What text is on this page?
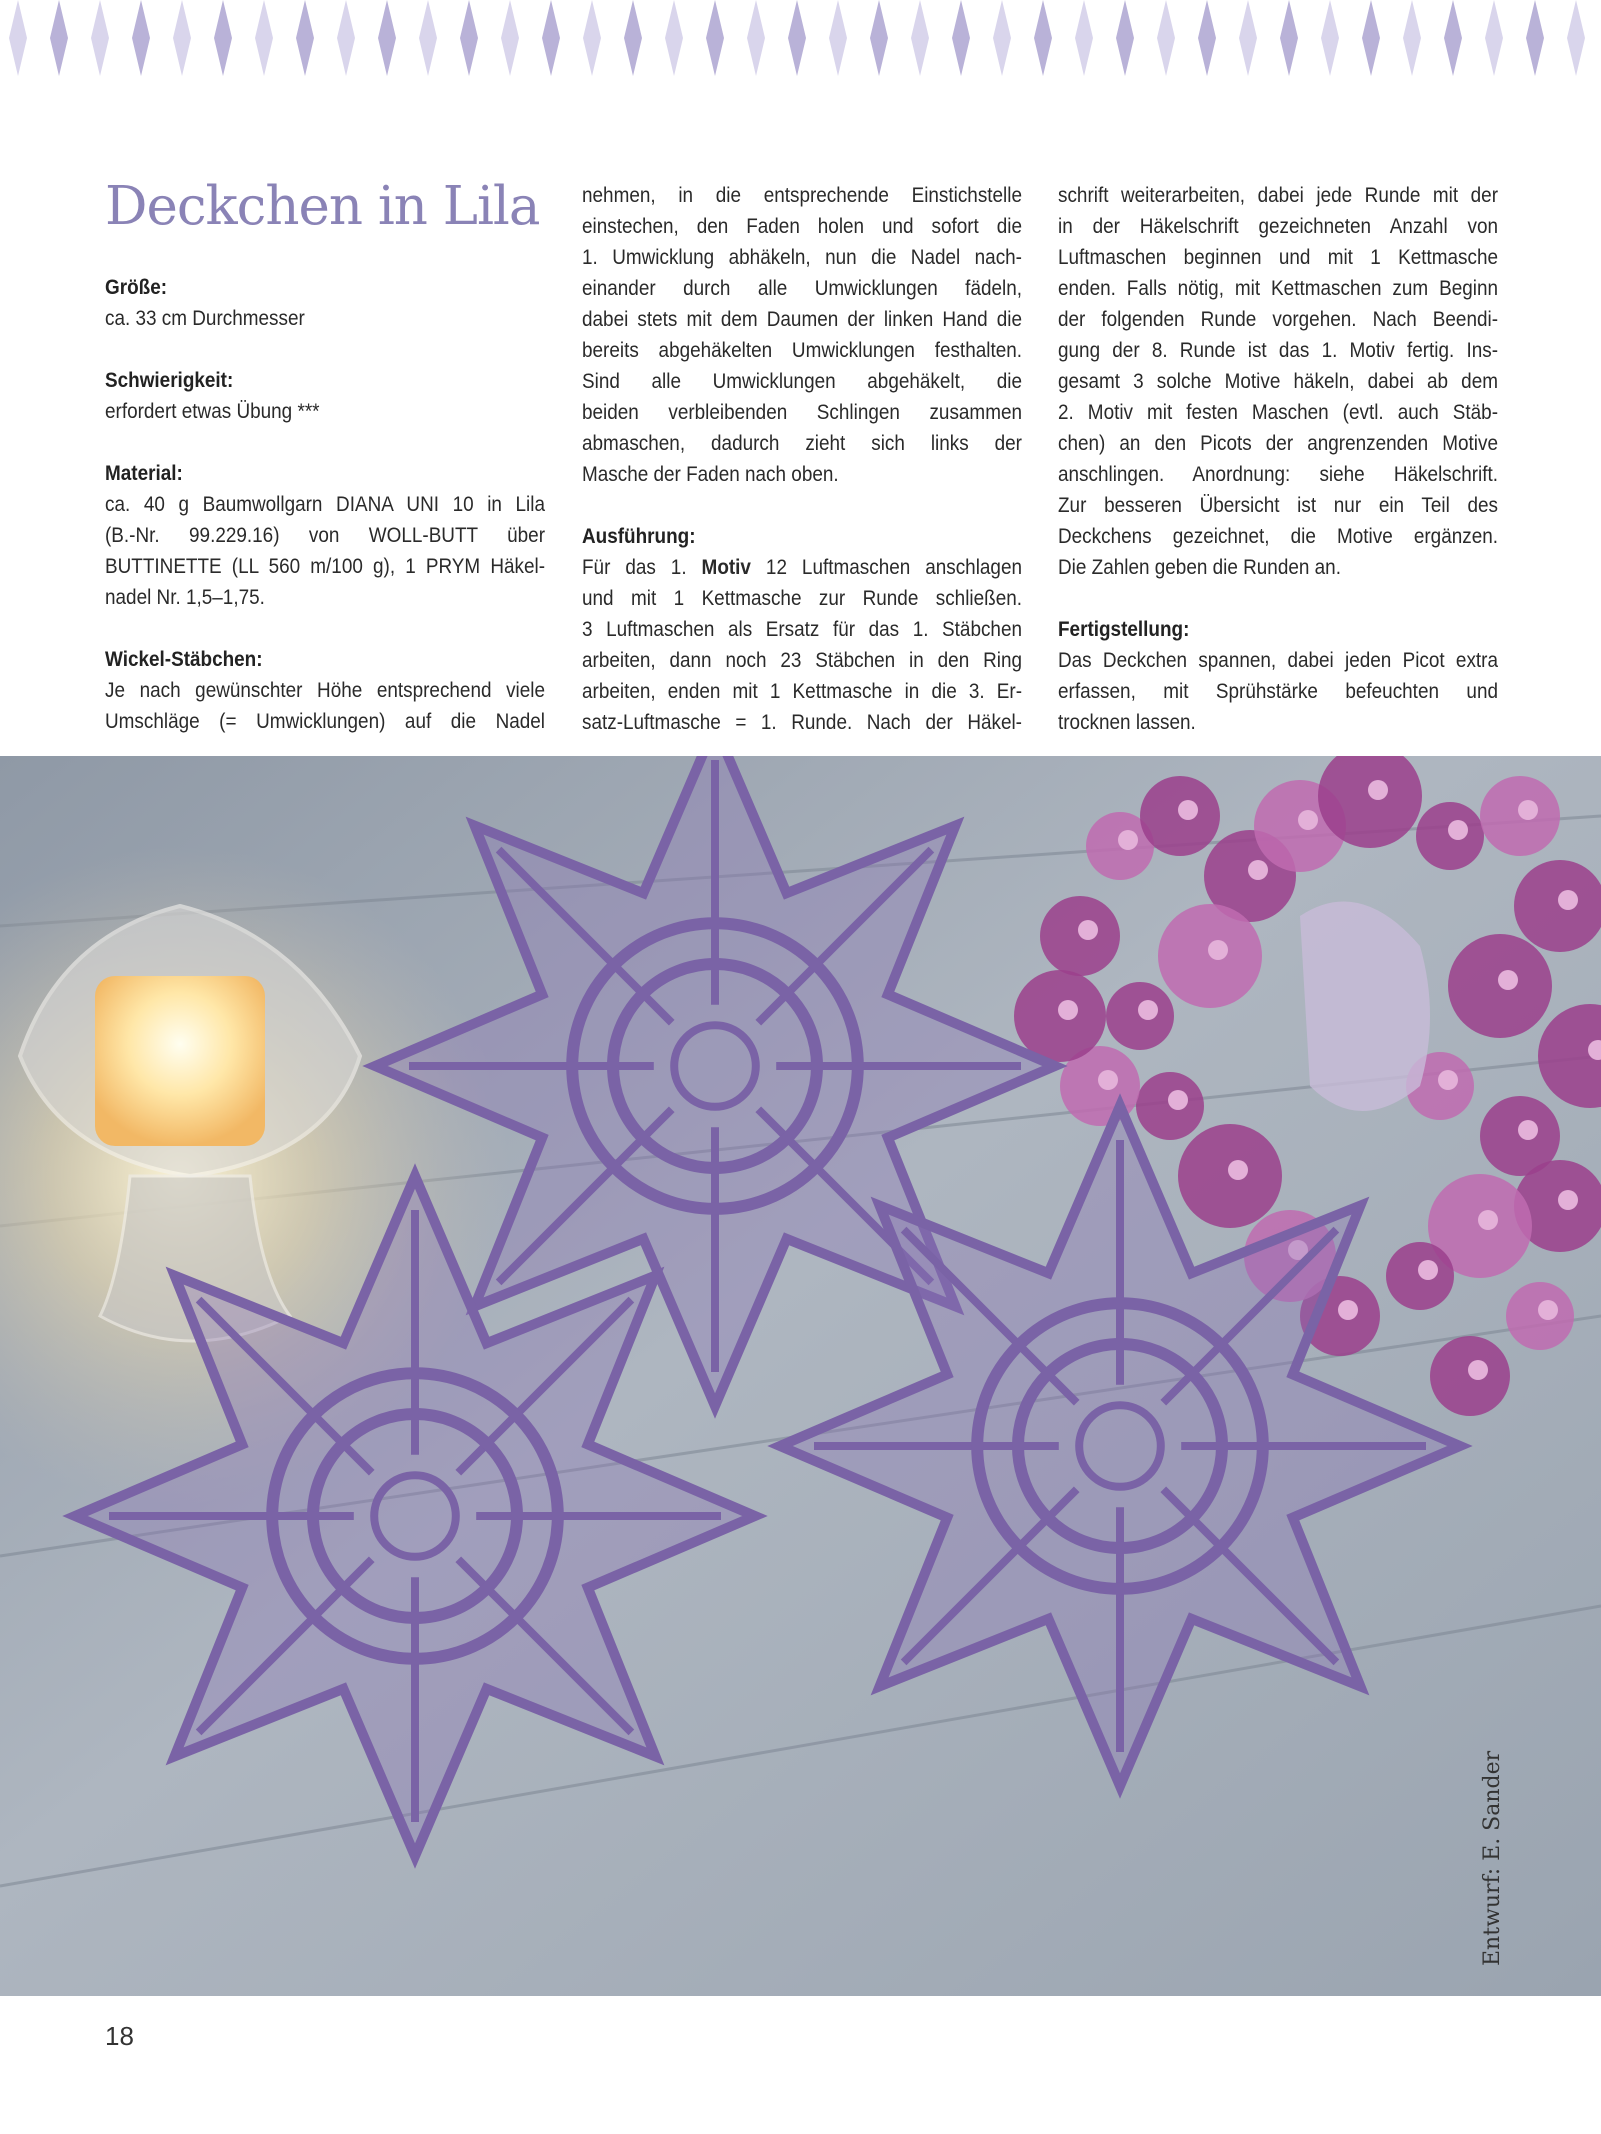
Deckchen in Lila

Größe:

ca. 33 cm Durchmesser

Schwierigkeit:

erfordert etwas Übung ***

Material:

ca. 40 g Baumwollgarn DIANA UNI 10 in Lila

(B.-Nr. 99.229.16) von WOLL-BUTT über

BUTTINETTE (LL 560 m/100 g), 1 PRYM Häkel-

nadel Nr. 1,5–1,75.

Wickel-Stäbchen:

Je nach gewünschter Höhe entsprechend viele

Umschläge (= Umwicklungen) auf die Nadel

nehmen, in die entsprechende Einstichstelle

einstechen, den Faden holen und sofort die

1. Umwicklung abhäkeln, nun die Nadel nach-

einander durch alle Umwicklungen fädeln,

dabei stets mit dem Daumen der linken Hand die

bereits abgehäkelten Umwicklungen festhalten.

Sind alle Umwicklungen abgehäkelt, die

beiden verbleibenden Schlingen zusammen

abmaschen, dadurch zieht sich links der

Masche der Faden nach oben.

Ausführung:

Für das 1. Motiv 12 Luftmaschen anschlagen

und mit 1 Kettmasche zur Runde schließen.

3 Luftmaschen als Ersatz für das 1. Stäbchen

arbeiten, dann noch 23 Stäbchen in den Ring

arbeiten, enden mit 1 Kettmasche in die 3. Er-

satz-Luftmasche = 1. Runde. Nach der Häkel-

schrift weiterarbeiten, dabei jede Runde mit der

in der Häkelschrift gezeichneten Anzahl von

Luftmaschen beginnen und mit 1 Kettmasche

enden. Falls nötig, mit Kettmaschen zum Beginn

der folgenden Runde vorgehen. Nach Beendi-

gung der 8. Runde ist das 1. Motiv fertig. Ins-

gesamt 3 solche Motive häkeln, dabei ab dem

2. Motiv mit festen Maschen (evtl. auch Stäb-

chen) an den Picots der angrenzenden Motive

anschlingen. Anordnung: siehe Häkelschrift.

Zur besseren Übersicht ist nur ein Teil des

Deckchens gezeichnet, die Motive ergänzen.

Die Zahlen geben die Runden an.

Fertigstellung:

Das Deckchen spannen, dabei jeden Picot extra

erfassen, mit Sprühstärke befeuchten und

trocknen lassen.

Entwurf: E. Sander
18
